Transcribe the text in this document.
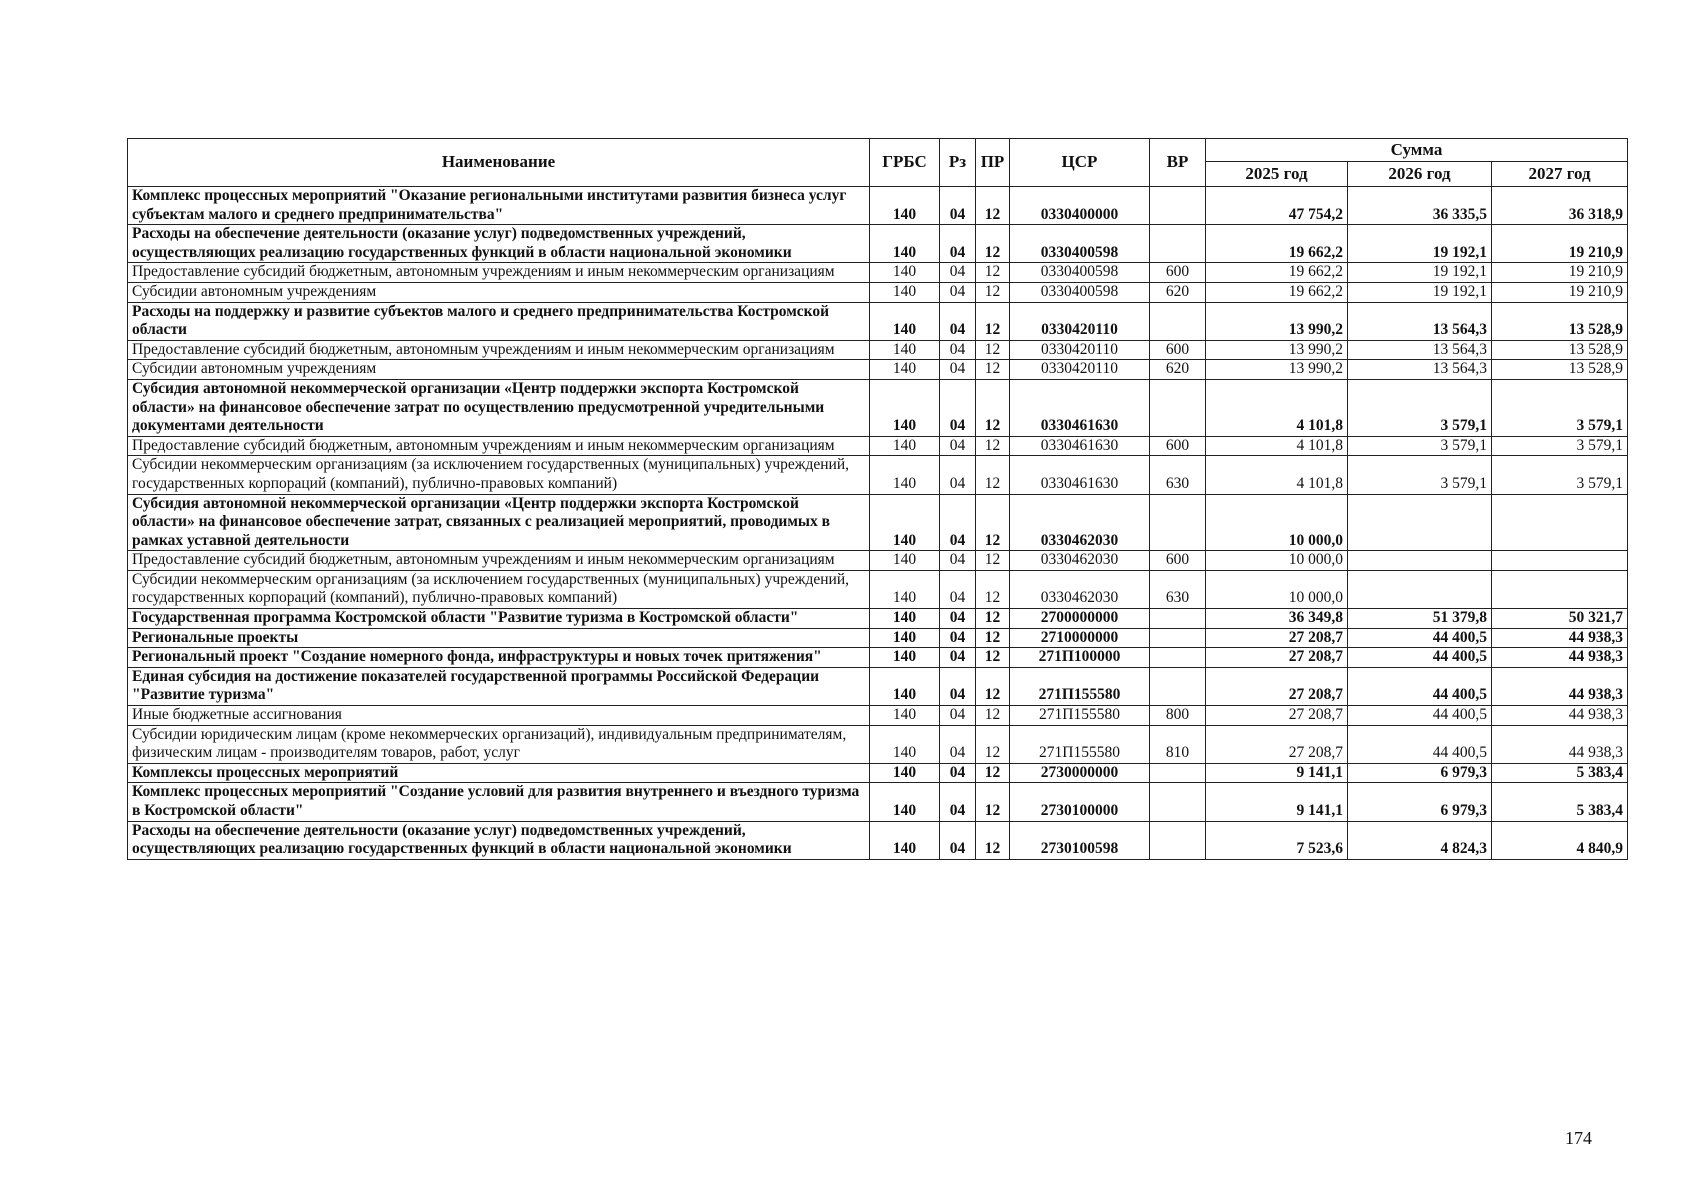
Наименование	ГРБС	Рз	ПР	ЦСР	ВР	Сумма		
						2025 год	2026 год	2027 год
Комплекс процессных мероприятий "Оказание региональными институтами развития бизнеса услуг субъектам малого и среднего предпринимательства"	140	04	12	0330400000		47 754,2	36 335,5	36 318,9
Расходы на обеспечение деятельности (оказание услуг) подведомственных учреждений, осуществляющих реализацию государственных функций в области национальной экономики	140	04	12	0330400598		19 662,2	19 192,1	19 210,9
Предоставление субсидий бюджетным, автономным учреждениям и иным некоммерческим организациям	140	04	12	0330400598	600	19 662,2	19 192,1	19 210,9
Субсидии автономным учреждениям	140	04	12	0330400598	620	19 662,2	19 192,1	19 210,9
Расходы на поддержку и развитие субъектов малого и среднего предпринимательства Костромской области	140	04	12	0330420110		13 990,2	13 564,3	13 528,9
Предоставление субсидий бюджетным, автономным учреждениям и иным некоммерческим организациям	140	04	12	0330420110	600	13 990,2	13 564,3	13 528,9
Субсидии автономным учреждениям	140	04	12	0330420110	620	13 990,2	13 564,3	13 528,9
Субсидия автономной некоммерческой организации «Центр поддержки экспорта Костромской области» на финансовое обеспечение затрат по осуществлению предусмотренной учредительными документами деятельности	140	04	12	0330461630		4 101,8	3 579,1	3 579,1
Предоставление субсидий бюджетным, автономным учреждениям и иным некоммерческим организациям	140	04	12	0330461630	600	4 101,8	3 579,1	3 579,1
Субсидии некоммерческим организациям (за исключением государственных (муниципальных) учреждений, государственных корпораций (компаний), публично-правовых компаний)	140	04	12	0330461630	630	4 101,8	3 579,1	3 579,1
Субсидия автономной некоммерческой организации «Центр поддержки экспорта Костромской области» на финансовое обеспечение затрат, связанных с реализацией мероприятий, проводимых в рамках уставной деятельности	140	04	12	0330462030		10 000,0		
Предоставление субсидий бюджетным, автономным учреждениям и иным некоммерческим организациям	140	04	12	0330462030	600	10 000,0		
Субсидии некоммерческим организациям (за исключением государственных (муниципальных) учреждений, государственных корпораций (компаний), публично-правовых компаний)	140	04	12	0330462030	630	10 000,0		
Государственная программа Костромской области "Развитие туризма в Костромской области"	140	04	12	2700000000		36 349,8	51 379,8	50 321,7
Региональные проекты	140	04	12	2710000000		27 208,7	44 400,5	44 938,3
Региональный проект "Создание номерного фонда, инфраструктуры и новых точек притяжения"	140	04	12	271П100000		27 208,7	44 400,5	44 938,3
Единая субсидия на достижение показателей государственной программы Российской Федерации "Развитие туризма"	140	04	12	271П155580		27 208,7	44 400,5	44 938,3
Иные бюджетные ассигнования	140	04	12	271П155580	800	27 208,7	44 400,5	44 938,3
Субсидии юридическим лицам (кроме некоммерческих организаций), индивидуальным предпринимателям, физическим лицам - производителям товаров, работ, услуг	140	04	12	271П155580	810	27 208,7	44 400,5	44 938,3
Комплексы процессных мероприятий	140	04	12	2730000000		9 141,1	6 979,3	5 383,4
Комплекс процессных мероприятий "Создание условий для развития внутреннего и въездного туризма в Костромской области"	140	04	12	2730100000		9 141,1	6 979,3	5 383,4
Расходы на обеспечение деятельности (оказание услуг) подведомственных учреждений, осуществляющих реализацию государственных функций в области национальной экономики	140	04	12	2730100598		7 523,6	4 824,3	4 840,9
174
